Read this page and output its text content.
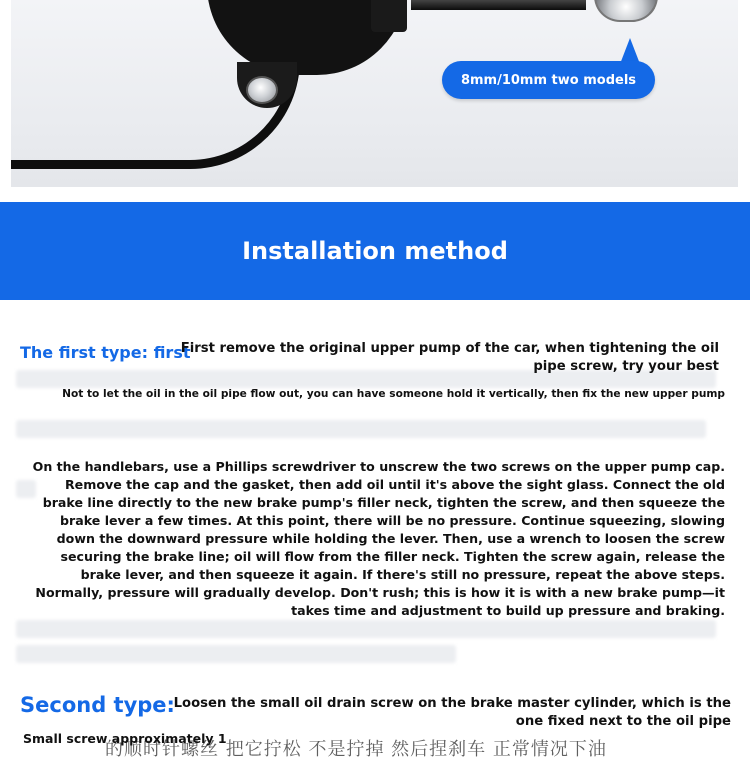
8mm/10mm two models
Installation method
The first type: first
First remove the original upper pump of the car, when tightening the oil pipe screw, try your best
Not to let the oil in the oil pipe flow out, you can have someone hold it vertically, then fix the new upper pump
On the handlebars, use a Phillips screwdriver to unscrew the two screws on the upper pump cap. Remove the cap and the gasket, then add oil until it's above the sight glass. Connect the old brake line directly to the new brake pump's filler neck, tighten the screw, and then squeeze the brake lever a few times. At this point, there will be no pressure. Continue squeezing, slowing down the downward pressure while holding the lever. Then, use a wrench to loosen the screw securing the brake line; oil will flow from the filler neck. Tighten the screw again, release the brake lever, and then squeeze it again. If there's still no pressure, repeat the above steps. Normally, pressure will gradually develop. Don't rush; this is how it is with a new brake pump—it takes time and adjustment to build up pressure and braking.
Second type:
Loosen the small oil drain screw on the brake master cylinder, which is the one fixed next to the oil pipe
的顺时针螺丝 把它拧松 不是拧掉 然后捏刹车 正常情况下油
Small screw approximately 1
